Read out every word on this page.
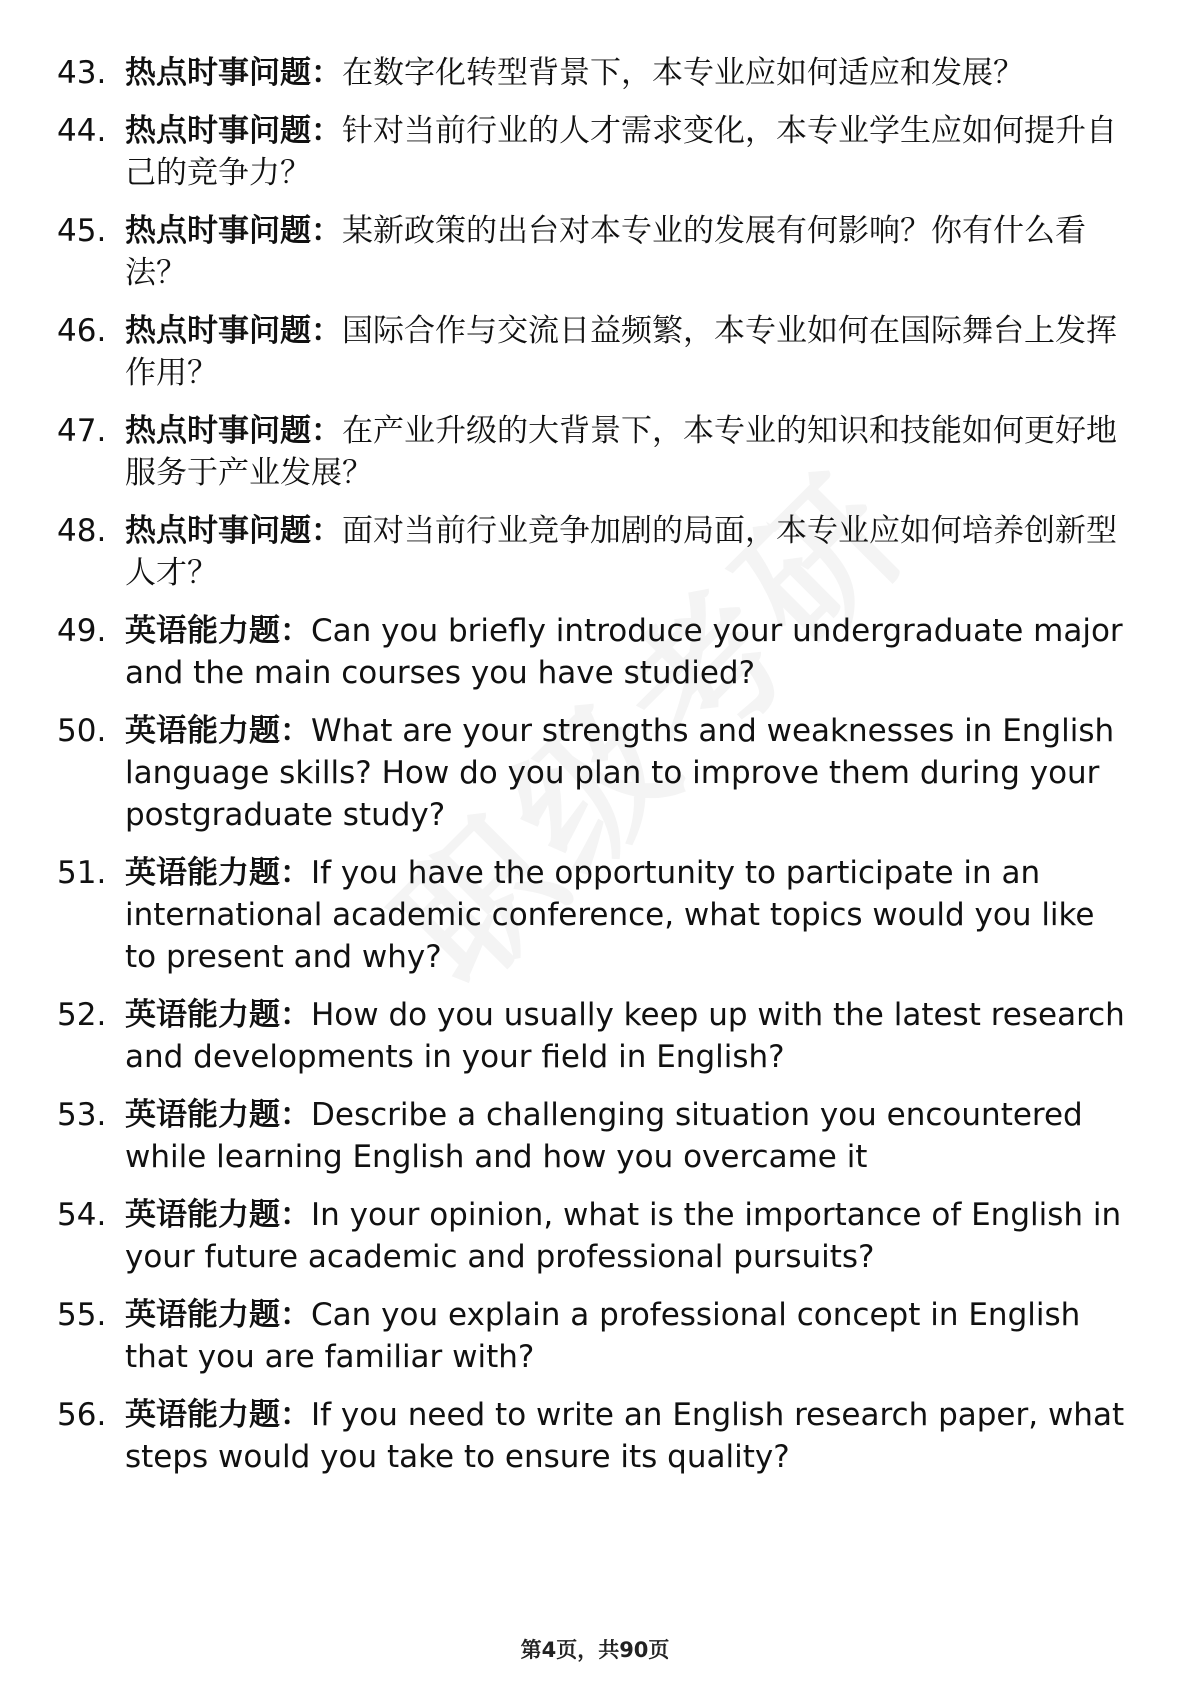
43. 热点时事问题：在数字化转型背景下，本专业应如何适应和发展？
44. 热点时事问题：针对当前行业的人才需求变化，本专业学生应如何提升自己的竞争力？
45. 热点时事问题：某新政策的出台对本专业的发展有何影响？你有什么看法？
46. 热点时事问题：国际合作与交流日益频繁，本专业如何在国际舞台上发挥作用？
47. 热点时事问题：在产业升级的大背景下，本专业的知识和技能如何更好地服务于产业发展？
48. 热点时事问题：面对当前行业竞争加剧的局面，本专业应如何培养创新型人才？
49. 英语能力题：Can you briefly introduce your undergraduate major and the main courses you have studied?
50. 英语能力题：What are your strengths and weaknesses in English language skills? How do you plan to improve them during your postgraduate study?
51. 英语能力题：If you have the opportunity to participate in an international academic conference, what topics would you like to present and why?
52. 英语能力题：How do you usually keep up with the latest research and developments in your field in English?
53. 英语能力题：Describe a challenging situation you encountered while learning English and how you overcame it
54. 英语能力题：In your opinion, what is the importance of English in your future academic and professional pursuits?
55. 英语能力题：Can you explain a professional concept in English that you are familiar with?
56. 英语能力题：If you need to write an English research paper, what steps would you take to ensure its quality?
第4页，共90页
